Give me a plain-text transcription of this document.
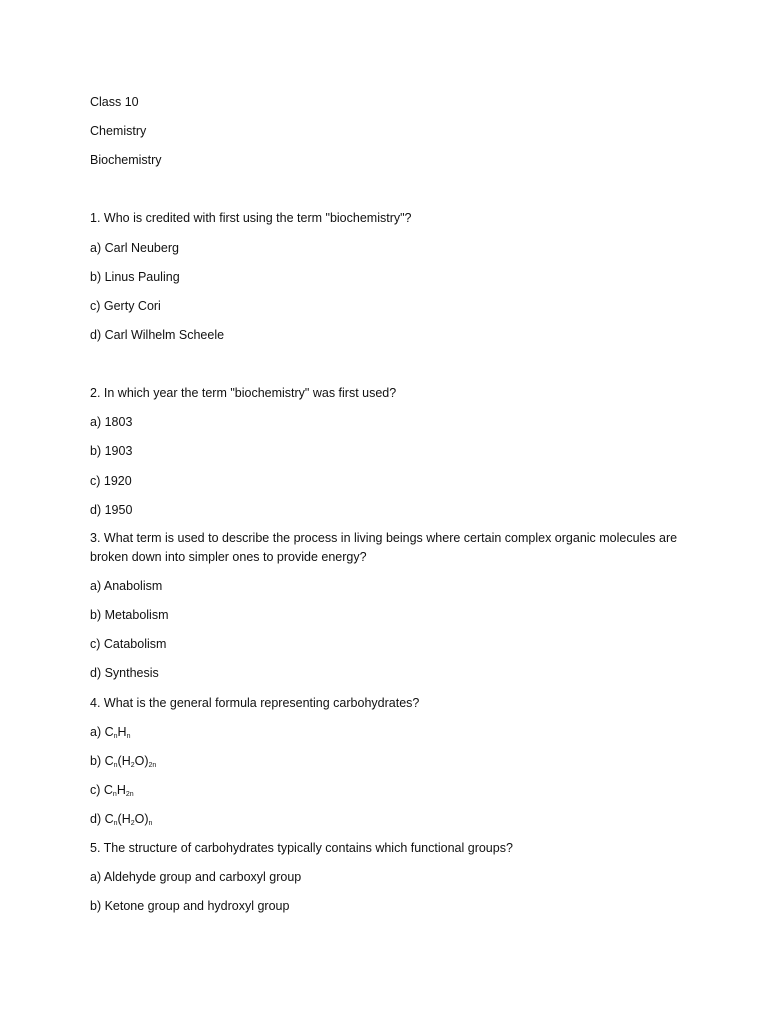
Class 10
Chemistry
Biochemistry
1. Who is credited with first using the term "biochemistry"?
a) Carl Neuberg
b) Linus Pauling
c) Gerty Cori
d) Carl Wilhelm Scheele
2. In which year the term "biochemistry" was first used?
a) 1803
b) 1903
c) 1920
d) 1950
3. What term is used to describe the process in living beings where certain complex organic molecules are broken down into simpler ones to provide energy?
a) Anabolism
b) Metabolism
c) Catabolism
d) Synthesis
4. What is the general formula representing carbohydrates?
a) $C_nH_n$
b) $C_n(H_2O)_{2n}$
c) $C_nH_{2n}$
d) $C_n(H_2O)_n$
5. The structure of carbohydrates typically contains which functional groups?
a) Aldehyde group and carboxyl group
b) Ketone group and hydroxyl group
